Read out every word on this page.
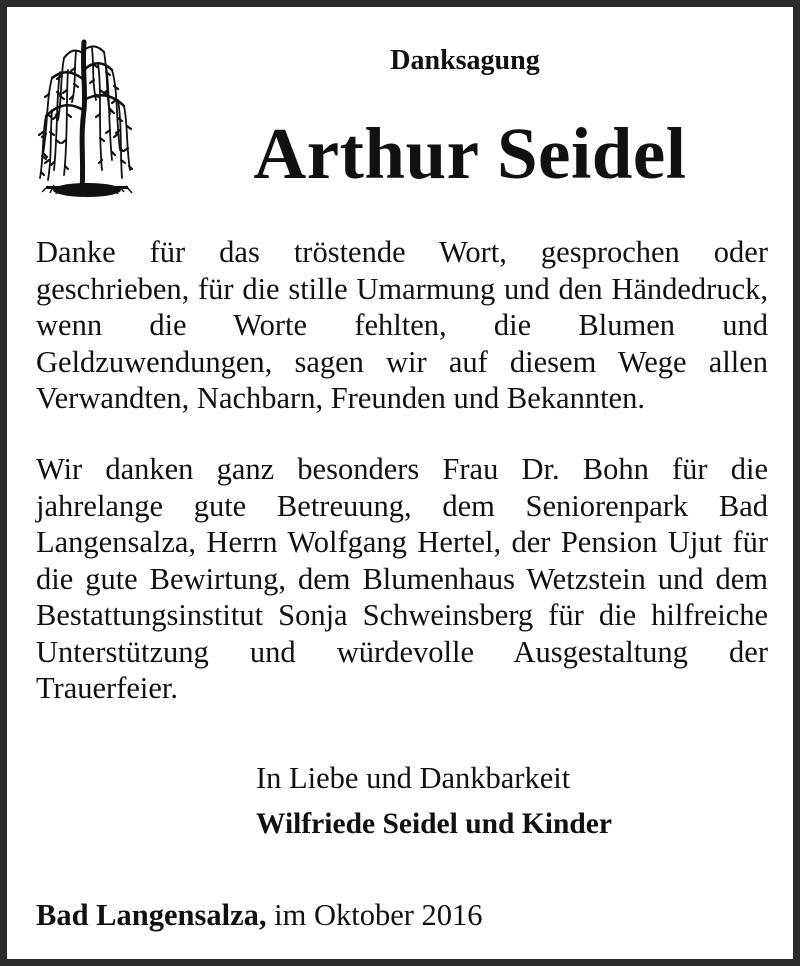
Danksagung
Arthur Seidel

Danke für das tröstende Wort, gesprochen oder geschrieben, für die stille Umarmung und den Händedruck, wenn die Worte fehlten, die Blumen und Geldzuwendungen, sagen wir auf diesem Wege allen Verwandten, Nachbarn, Freunden und Bekannten.

Wir danken ganz besonders Frau Dr. Bohn für die jahrelange gute Betreuung, dem Seniorenpark Bad Langensalza, Herrn Wolfgang Hertel, der Pension Ujut für die gute Bewirtung, dem Blumenhaus Wetzstein und dem Bestattungsinstitut Sonja Schweinsberg für die hilfreiche Unterstützung und würdevolle Ausgestaltung der Trauerfeier.

In Liebe und Dankbarkeit
Wilfriede Seidel und Kinder
Bad Langensalza, im Oktober 2016
